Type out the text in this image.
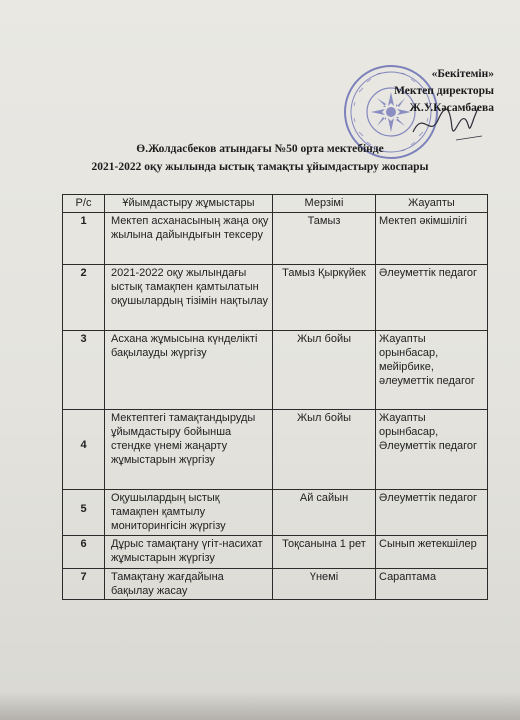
«Бекітемін»
Мектеп директоры
Ж.У.Кәсамбаева
Ө.Жолдасбеков атындағы №50 орта мектебінде
2021-2022 оқу жылында ыстық тамақты ұйымдастыру жоспары
Р/с	Ұйымдастыру жұмыстары	Мерзімі	Жауапты
1	Мектеп асханасының жаңа оқу жылына дайындығын тексеру	Тамыз	Мектеп әкімшілігі
2	2021-2022 оқу жылындағы ыстық тамақпен қамтылатын оқушылардың тізімін нақтылау	Тамыз Қыркүйек	Әлеуметтік педагог
3	Асхана жұмысына күнделікті бақылауды жүргізу	Жыл бойы	Жауапты орынбасар, мейірбике, әлеуметтік педагог
4	Мектептегі тамақтандыруды ұйымдастыру бойынша стендке үнемі жаңарту жұмыстарын жүргізу	Жыл бойы	Жауапты орынбасар, Әлеуметтік педагог
5	Оқушылардың ыстық тамақпен қамтылу мониторингісін жүргізу	Ай сайын	Әлеуметтік педагог
6	Дұрыс тамақтану үгіт-насихат жұмыстарын жүргізу	Тоқсанына 1 рет	Сынып жетекшілер
7	Тамақтану жағдайына бақылау жасау	Үнемі	Сараптама
